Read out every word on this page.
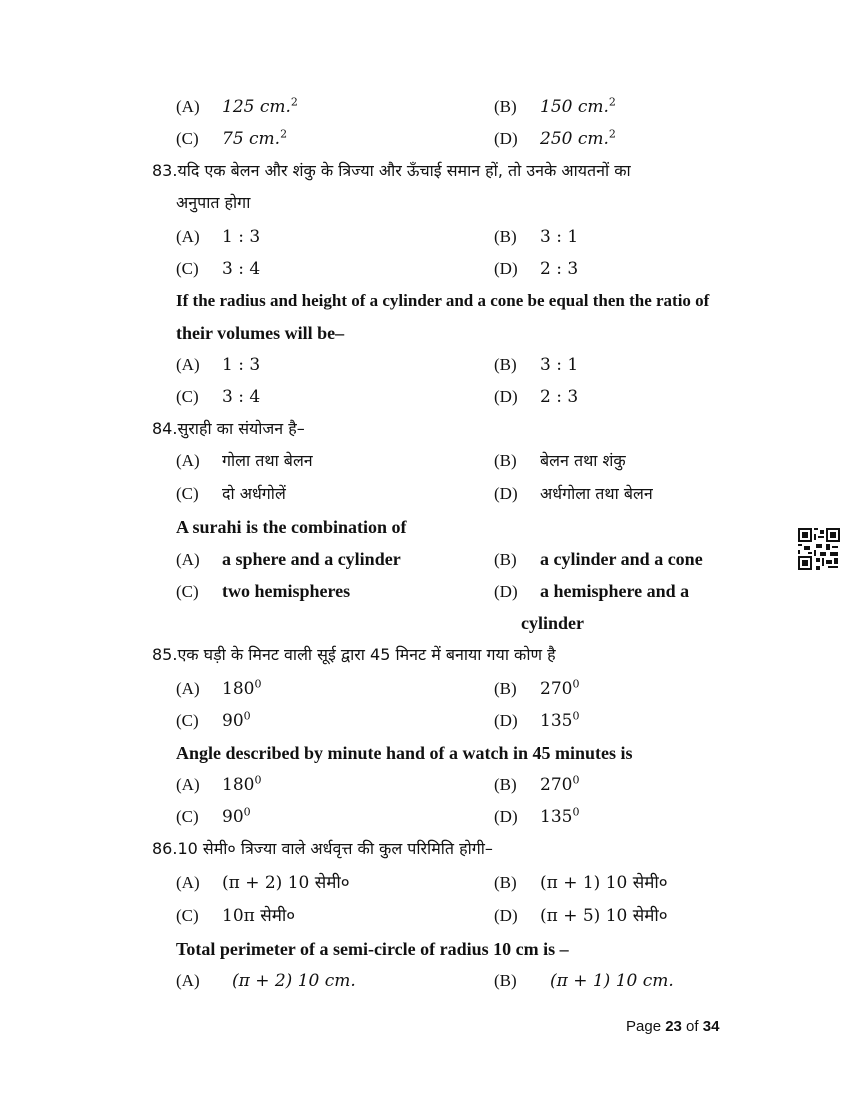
(A) 125 cm.$^2$	(B) 150 cm.$^2$
(C) 75 cm.$^2$	(D) 250 cm.$^2$
83.यदि एक बेलन और शंकु के त्रिज्या और ऊँचाई समान हों, तो उनके आयतनों का
अनुपात होगा
(A) 1 : 3	(B) 3 : 1
(C) 3 : 4	(D) 2 : 3
If the radius and height of a cylinder and a cone be equal then the ratio of
their volumes will be–
(A) 1 : 3	(B) 3 : 1
(C) 3 : 4	(D) 2 : 3
84.सुराही का संयोजन है–
(A) गोला तथा बेलन	(B) बेलन तथा शंकु
(C) दो अर्धगोलें	(D) अर्धगोला तथा बेलन
A surahi is the combination of
(A) a sphere and a cylinder	(B) a cylinder and a cone
(C) two hemispheres	(D) a hemisphere and a
cylinder
85.एक घड़ी के मिनट वाली सूई द्वारा 45 मिनट में बनाया गया कोण है
(A) $180^0$	(B) $270^0$
(C) $90^0$	(D) $135^0$
Angle described by minute hand of a watch in 45 minutes is
(A) $180^0$	(B) $270^0$
(C) $90^0$	(D) $135^0$
86.10 सेमी० त्रिज्या वाले अर्धवृत्त की कुल परिमिति होगी–
(A) (π + 2) 10 सेमी०	(B) (π + 1) 10 सेमी०
(C) 10π सेमी०	(D) (π + 5) 10 सेमी०
Total perimeter of a semi-circle of radius 10 cm is –
(A) (π + 2) 10 cm.	(B) (π + 1) 10 cm.
Page 23 of 34
